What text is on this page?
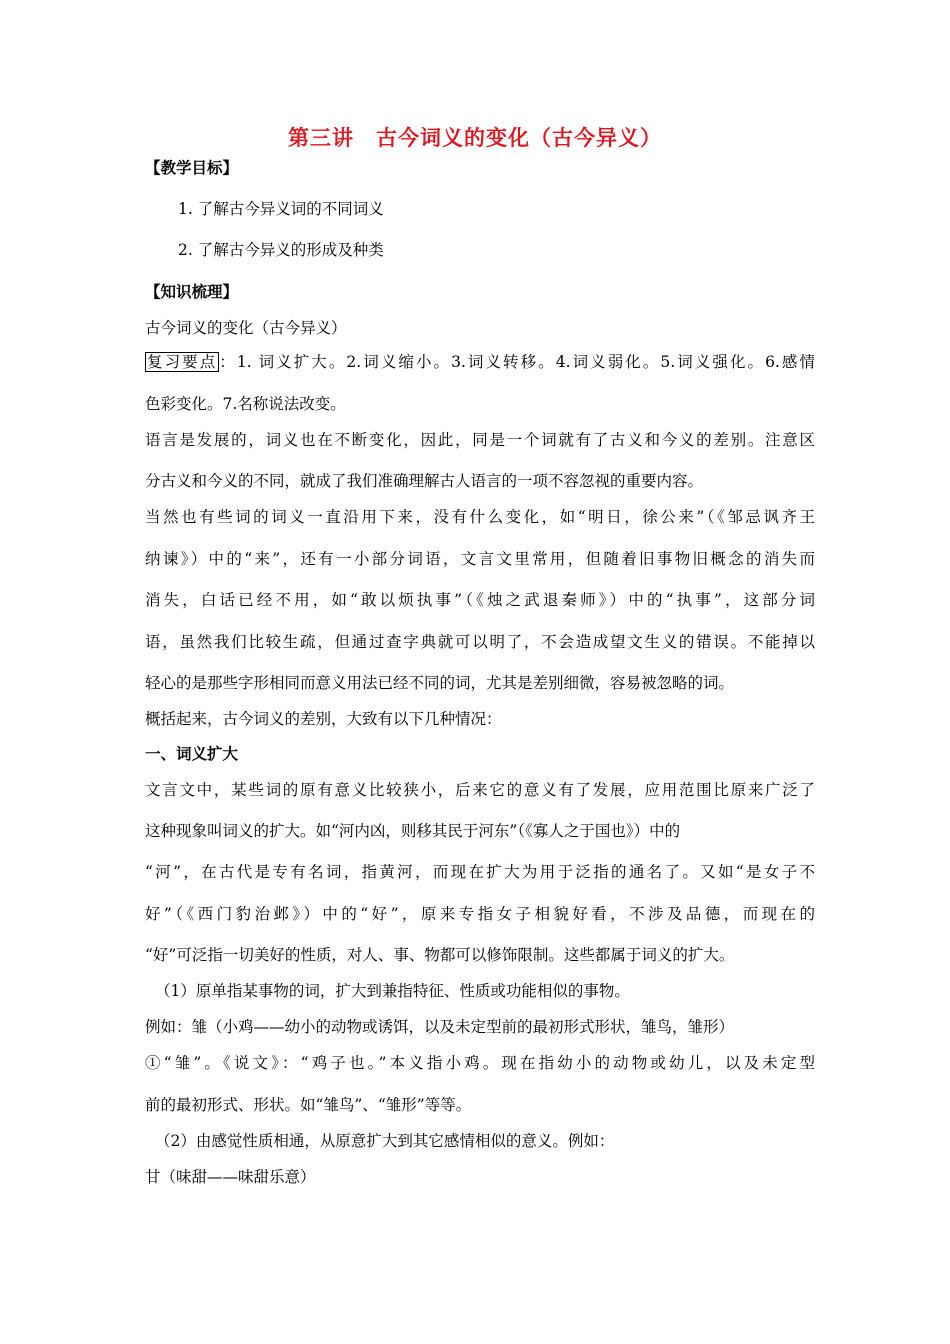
第三讲　古今词义的变化（古今异义）
【教学目标】
1. 了解古今异义词的不同词义
2. 了解古今异义的形成及种类
【知识梳理】
古今词义的变化（古今异义）
复习要点 ：1. 词义扩大。2.词义缩小。3.词义转移。4.词义弱化。5.词义强化。6.感情
色彩变化。7.名称说法改变。
语言是发展的，词义也在不断变化，因此，同是一个词就有了古义和今义的差别。注意区
分古义和今义的不同，就成了我们准确理解古人语言的一项不容忽视的重要内容。
当然也有些词的词义一直沿用下来，没有什么变化，如“明日，徐公来”（《邹忌讽齐王
纳谏》）中的“来”，还有一小部分词语，文言文里常用，但随着旧事物旧概念的消失而
消失，白话已经不用，如“敢以烦执事”（《烛之武退秦师》）中的“执事”，这部分词
语，虽然我们比较生疏，但通过查字典就可以明了，不会造成望文生义的错误。不能掉以
轻心的是那些字形相同而意义用法已经不同的词，尤其是差别细微，容易被忽略的词。
概括起来，古今词义的差别，大致有以下几种情况：
一、词义扩大
文言文中，某些词的原有意义比较狭小，后来它的意义有了发展，应用范围比原来广泛了
这种现象叫词义的扩大。如“河内凶，则移其民于河东”（《寡人之于国也》）中的
“河”，在古代是专有名词，指黄河，而现在扩大为用于泛指的通名了。又如“是女子不
好”（《西门豹治邺》）中的“好”，原来专指女子相貌好看，不涉及品德，而现在的
“好”可泛指一切美好的性质，对人、事、物都可以修饰限制。这些都属于词义的扩大。
（1）原单指某事物的词，扩大到兼指特征、性质或功能相似的事物。
例如：雏（小鸡——幼小的动物或诱饵，以及未定型前的最初形式形状，雏鸟，雏形）
①“雏”。《说文》：“鸡子也。”本义指小鸡。现在指幼小的动物或幼儿，以及未定型
前的最初形式、形状。如“雏鸟”、“雏形”等等。
（2）由感觉性质相通，从原意扩大到其它感情相似的意义。例如：
甘（味甜——味甜乐意）
